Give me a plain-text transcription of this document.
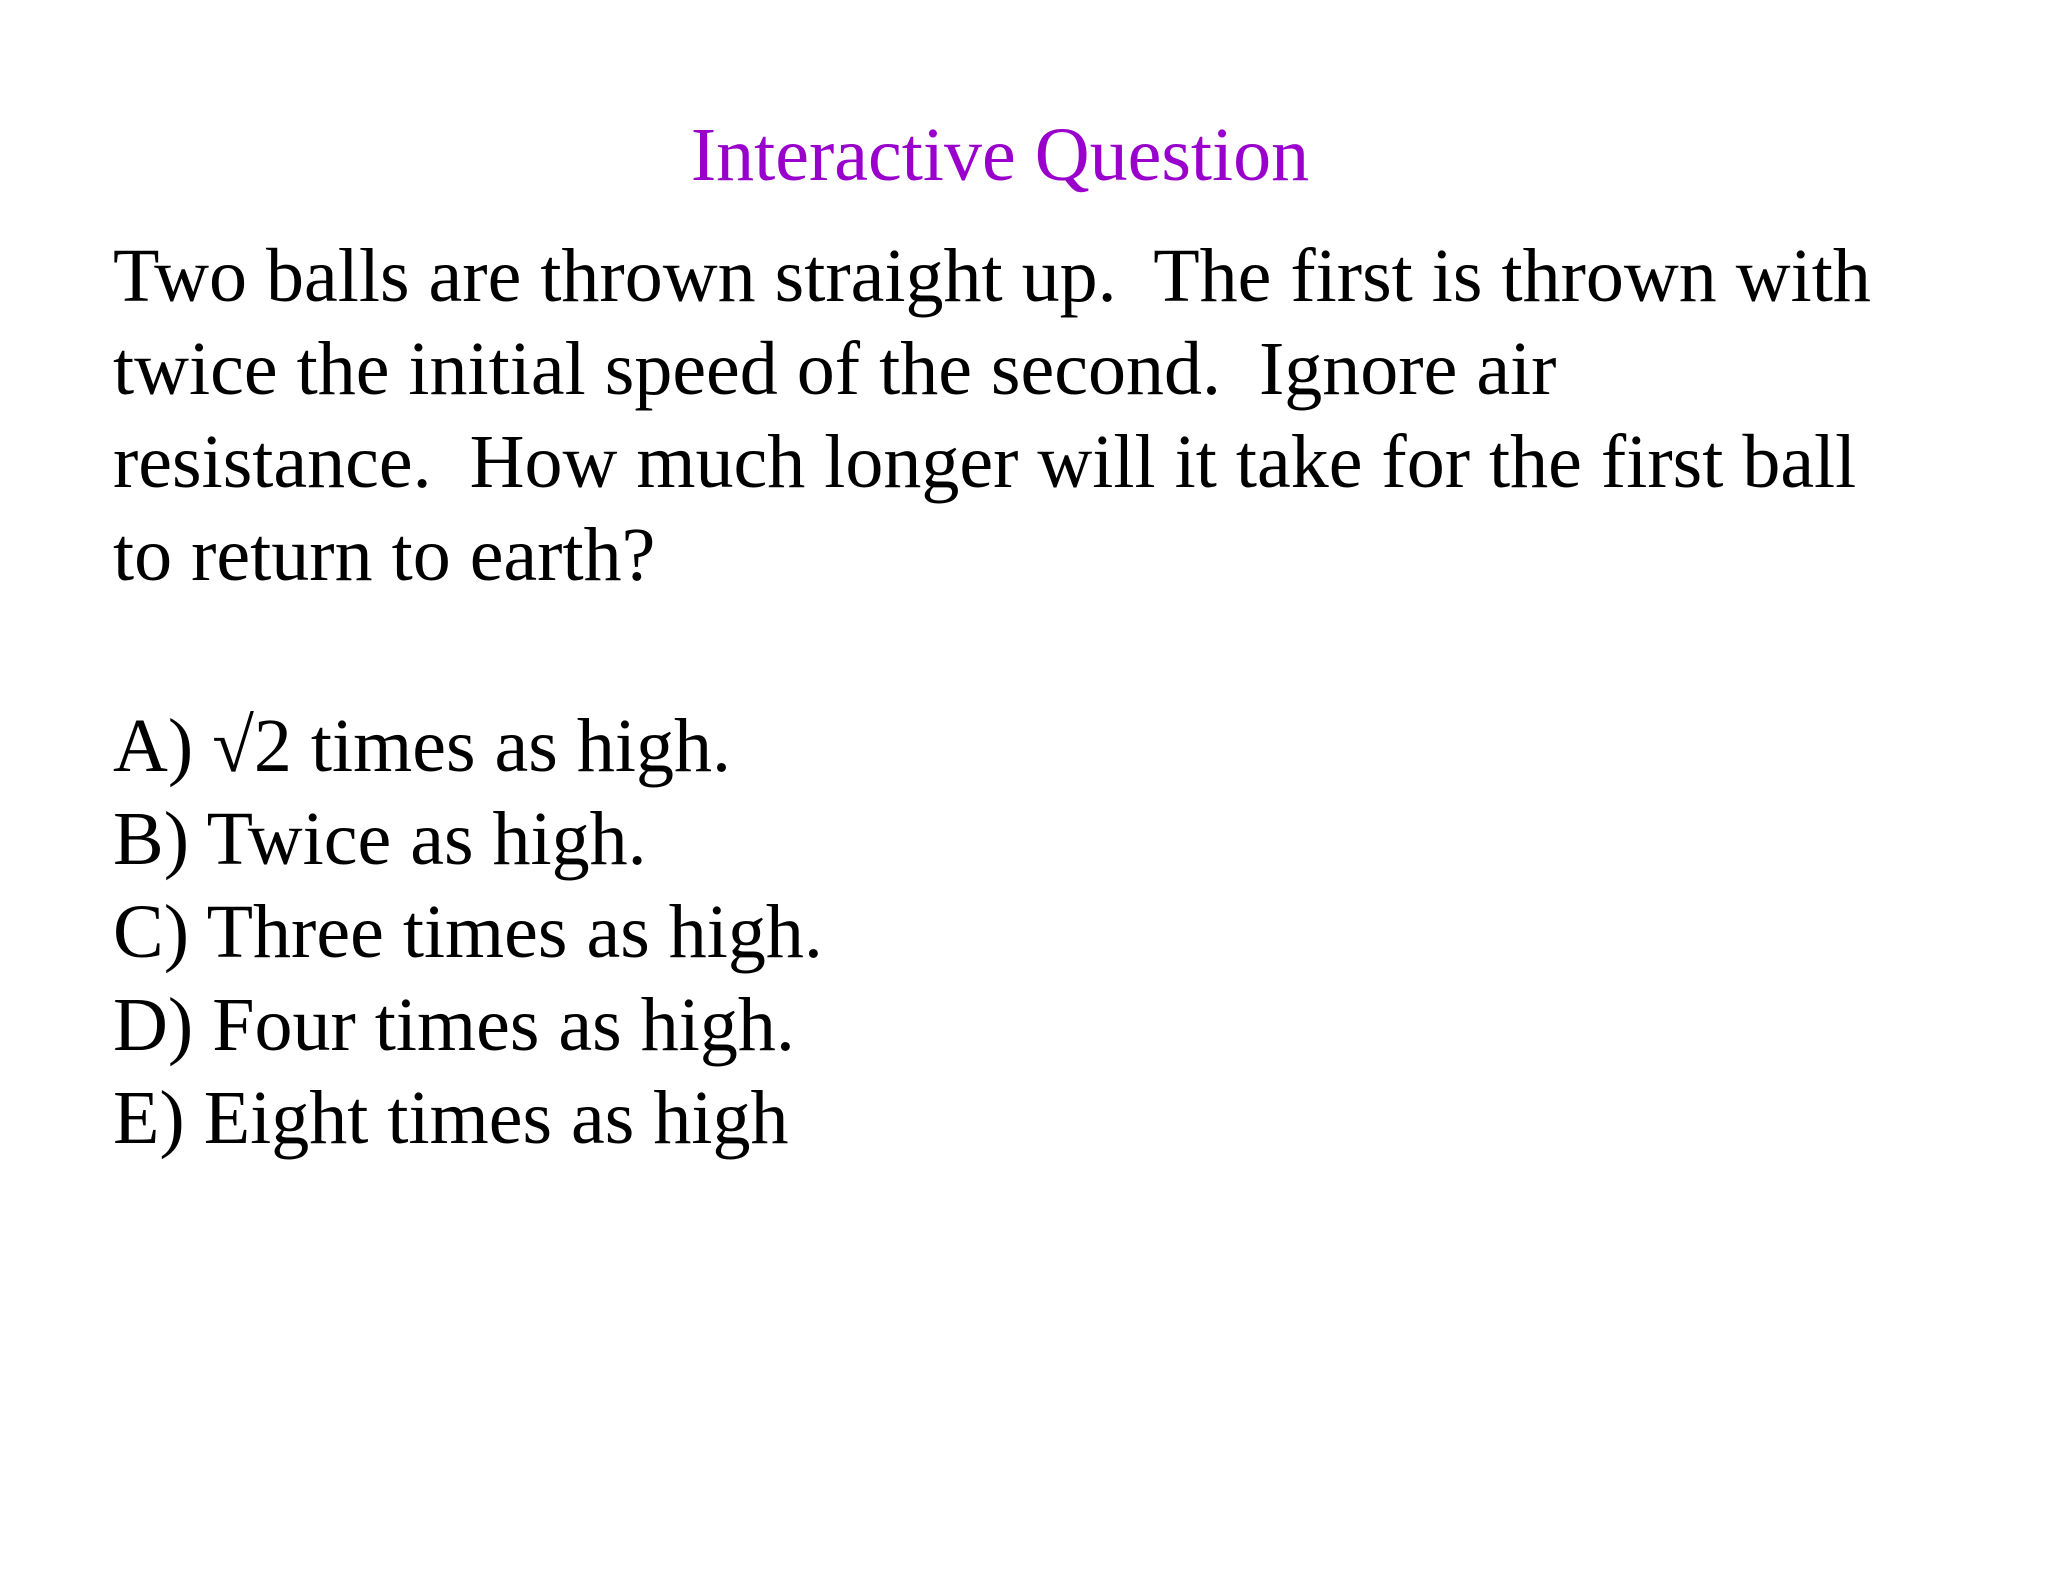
Interactive Question
Two balls are thrown straight up.  The first is thrown with
twice the initial speed of the second.  Ignore air
resistance.  How much longer will it take for the first ball
to return to earth?
A) √2 times as high.
B) Twice as high.
C) Three times as high.
D) Four times as high.
E) Eight times as high
